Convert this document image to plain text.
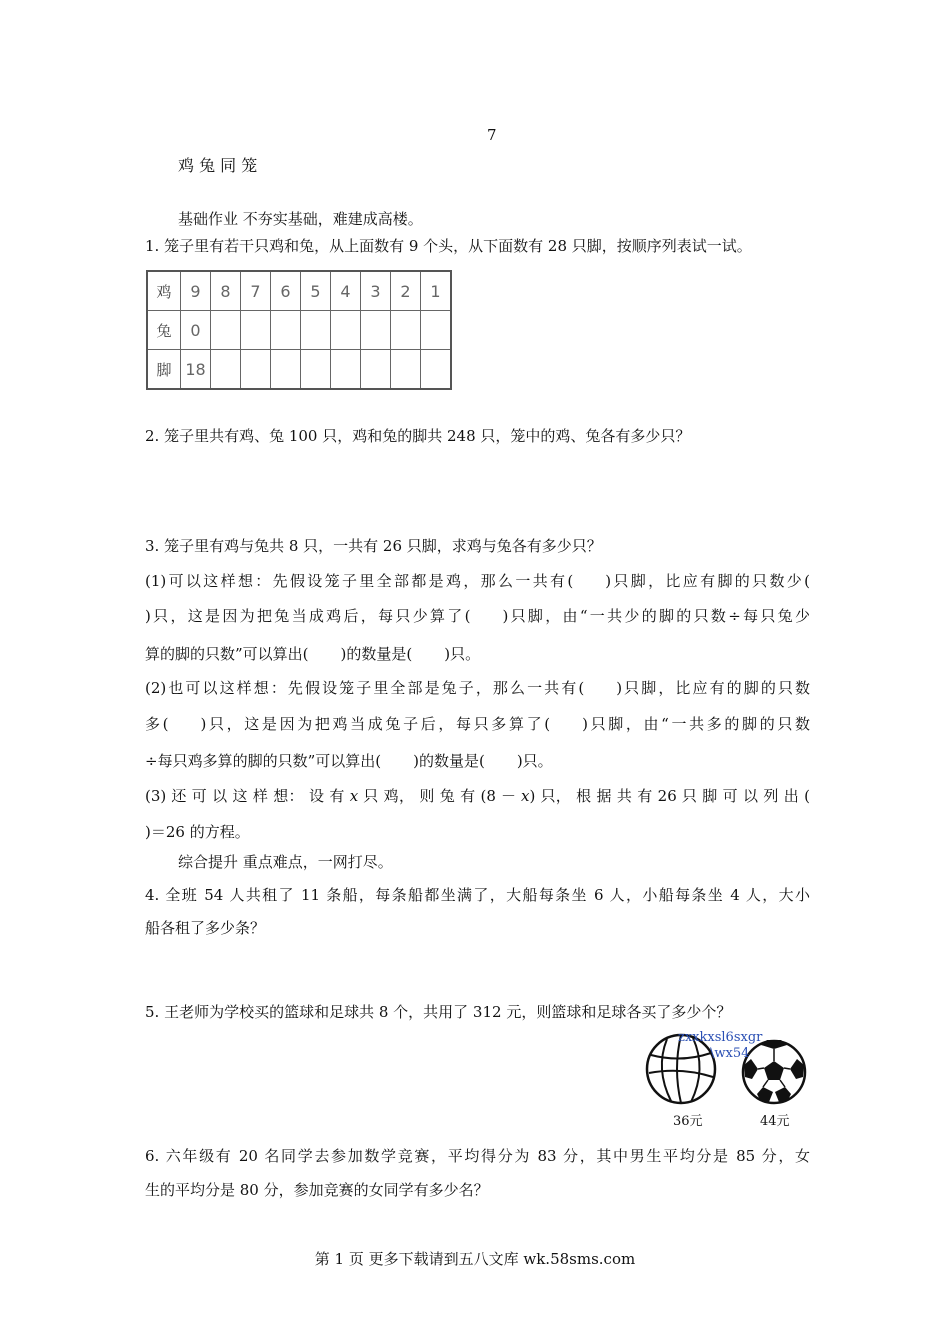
7
鸡 兔 同 笼
基础作业 不夯实基础，难建成高楼。
1. 笼子里有若干只鸡和兔，从上面数有 9 个头，从下面数有 28 只脚，按顺序列表试一试。
鸡	9	8	7	6	5	4	3	2	1
兔	0								
脚	18								
2. 笼子里共有鸡、兔 100 只，鸡和兔的脚共 248 只，笼中的鸡、兔各有多少只？
3. 笼子里有鸡与兔共 8 只，一共有 26 只脚，求鸡与兔各有多少只？
(1)可以这样想：先假设笼子里全部都是鸡，那么一共有( )只脚，比应有脚的只数少(
)只，这是因为把兔当成鸡后，每只少算了( )只脚，由“一共少的脚的只数÷每只兔少
算的脚的只数”可以算出( )的数量是( )只。
(2)也可以这样想：先假设笼子里全部是兔子，那么一共有( )只脚，比应有的脚的只数
多( )只，这是因为把鸡当成兔子后，每只多算了( )只脚，由“一共多的脚的只数
÷每只鸡多算的脚的只数”可以算出( )的数量是( )只。
(3) 还 可 以 这 样 想： 设 有 x 只 鸡， 则 兔 有 (8 － x) 只， 根 据 共 有 26 只 脚 可 以 列 出 (
)＝26 的方程。
综合提升 重点难点，一网打尽。
4. 全班 54 人共租了 11 条船，每条船都坐满了，大船每条坐 6 人，小船每条坐 4 人，大小
船各租了多少条？
5. 王老师为学校买的篮球和足球共 8 个，共用了 312 元，则篮球和足球各买了多少个？
zxxkxsl6sxgr
\wx54
36元	44元
6. 六年级有 20 名同学去参加数学竞赛，平均得分为 83 分，其中男生平均分是 85 分，女
生的平均分是 80 分，参加竞赛的女同学有多少名？
第 1 页 更多下载请到五八文库 wk.58sms.com
